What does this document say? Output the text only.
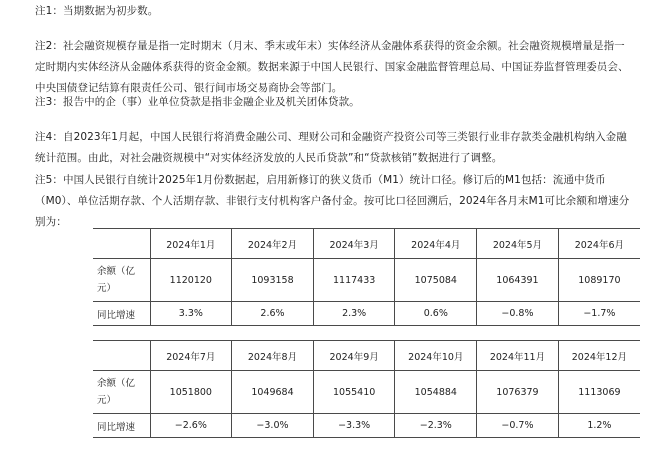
注1：当期数据为初步数。

注2：社会融资规模存量是指一定时期末（月末、季末或年末）实体经济从金融体系获得的资金余额。社会融资规模增量是指一定时期内实体经济从金融体系获得的资金金额。数据来源于中国人民银行、国家金融监督管理总局、中国证券监督管理委员会、中央国债登记结算有限责任公司、银行间市场交易商协会等部门。

注3：报告中的企（事）业单位贷款是指非金融企业及机关团体贷款。

注4：自2023年1月起，中国人民银行将消费金融公司、理财公司和金融资产投资公司等三类银行业非存款类金融机构纳入金融统计范围。由此，对社会融资规模中“对实体经济发放的人民币贷款”和“贷款核销”数据进行了调整。

注5：中国人民银行自统计2025年1月份数据起，启用新修订的狭义货币（M1）统计口径。修订后的M1包括：流通中货币（M0）、单位活期存款、个人活期存款、非银行支付机构客户备付金。按可比口径回溯后，2024年各月末M1可比余额和增速分别为：

	2024年1月	2024年2月	2024年3月	2024年4月	2024年5月	2024年6月
余额（亿元）	1120120	1093158	1117433	1075084	1064391	1089170
同比增速	3.3%	2.6%	2.3%	0.6%	−0.8%	−1.7%
	2024年7月	2024年8月	2024年9月	2024年10月	2024年11月	2024年12月
余额（亿元）	1051800	1049684	1055410	1054884	1076379	1113069
同比增速	−2.6%	−3.0%	−3.3%	−2.3%	−0.7%	1.2%
